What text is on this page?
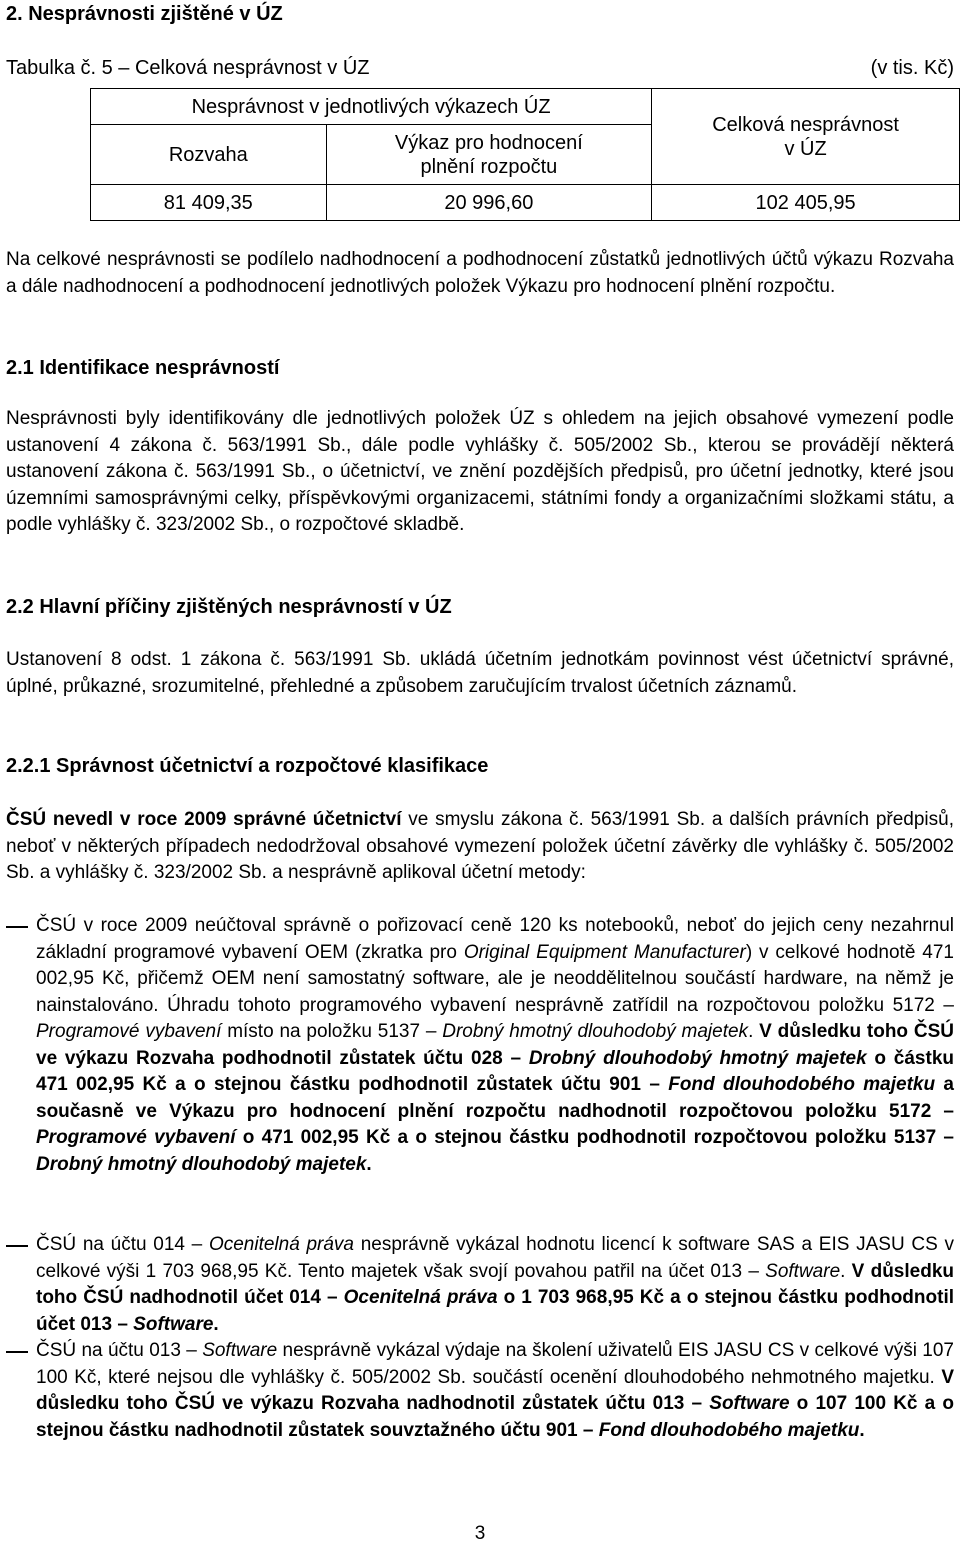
2. Nesprávnosti zjištěné v ÚZ
Tabulka č. 5 – Celková nesprávnost v ÚZ	(v tis. Kč)
Nesprávnost v jednotlivých výkazech ÚZ		Celková nesprávnost v ÚZ
Rozvaha	Výkaz pro hodnocení plnění rozpočtu	
81 409,35	20 996,60	102 405,95
Na celkové nesprávnosti se podílelo nadhodnocení a podhodnocení zůstatků jednotlivých účtů výkazu Rozvaha a dále nadhodnocení a podhodnocení jednotlivých položek Výkazu pro hodnocení plnění rozpočtu.
2.1 Identifikace nesprávností
Nesprávnosti byly identifikovány dle jednotlivých položek ÚZ s ohledem na jejich obsahové vymezení podle ustanovení 4 zákona č. 563/1991 Sb., dále podle vyhlášky č. 505/2002 Sb., kterou se provádějí některá ustanovení zákona č. 563/1991 Sb., o účetnictví, ve znění pozdějších předpisů, pro účetní jednotky, které jsou územními samosprávnými celky, příspěvkovými organizacemi, státními fondy a organizačními složkami státu, a podle vyhlášky č. 323/2002 Sb., o rozpočtové skladbě.
2.2 Hlavní příčiny zjištěných nesprávností v ÚZ
Ustanovení 8 odst. 1 zákona č. 563/1991 Sb. ukládá účetním jednotkám povinnost vést účetnictví správné, úplné, průkazné, srozumitelné, přehledné a způsobem zaručujícím trvalost účetních záznamů.
2.2.1 Správnost účetnictví a rozpočtové klasifikace
ČSÚ nevedl v roce 2009 správné účetnictví ve smyslu zákona č. 563/1991 Sb. a dalších právních předpisů, neboť v některých případech nedodržoval obsahové vymezení položek účetní závěrky dle vyhlášky č. 505/2002 Sb. a vyhlášky č. 323/2002 Sb. a nesprávně aplikoval účetní metody:
ČSÚ v roce 2009 neúčtoval správně o pořizovací ceně 120 ks notebooků, neboť do jejich ceny nezahrnul základní programové vybavení OEM (zkratka pro Original Equipment Manufacturer) v celkové hodnotě 471 002,95 Kč, přičemž OEM není samostatný software, ale je neoddělitelnou součástí hardware, na němž je nainstalováno. Úhradu tohoto programového vybavení nesprávně zatřídil na rozpočtovou položku 5172 – Programové vybavení místo na položku 5137 – Drobný hmotný dlouhodobý majetek. V důsledku toho ČSÚ ve výkazu Rozvaha podhodnotil zůstatek účtu 028 – Drobný dlouhodobý hmotný majetek o částku 471 002,95 Kč a o stejnou částku podhodnotil zůstatek účtu 901 – Fond dlouhodobého majetku a současně ve Výkazu pro hodnocení plnění rozpočtu nadhodnotil rozpočtovou položku 5172 – Programové vybavení o 471 002,95 Kč a o stejnou částku podhodnotil rozpočtovou položku 5137 – Drobný hmotný dlouhodobý majetek.
ČSÚ na účtu 014 – Ocenitelná práva nesprávně vykázal hodnotu licencí k software SAS a EIS JASU CS v celkové výši 1 703 968,95 Kč. Tento majetek však svojí povahou patřil na účet 013 – Software. V důsledku toho ČSÚ nadhodnotil účet 014 – Ocenitelná práva o 1 703 968,95 Kč a o stejnou částku podhodnotil účet 013 – Software.
ČSÚ na účtu 013 – Software nesprávně vykázal výdaje na školení uživatelů EIS JASU CS v celkové výši 107 100 Kč, které nejsou dle vyhlášky č. 505/2002 Sb. součástí ocenění dlouhodobého nehmotného majetku. V důsledku toho ČSÚ ve výkazu Rozvaha nadhodnotil zůstatek účtu 013 – Software o 107 100 Kč a o stejnou částku nadhodnotil zůstatek souvztažného účtu 901 – Fond dlouhodobého majetku.
3
